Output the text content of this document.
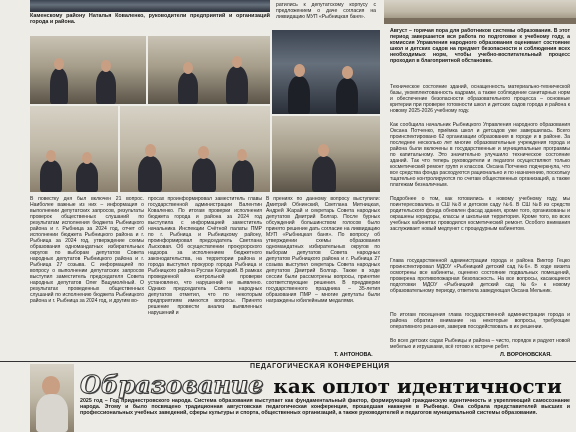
Каменскому району Наталья Коваленко, руководители предприятий и организаций города и района.
ратились к депутатскому корпусу с предложением о даче согласия на ликвидацию МУП «Рыбницкая баня».
Август – горячая пора для работников системы образования. В этот период завершается вся работа по подготовке к учебному году, а комиссия Управления народного образования оценивает состояние школ и детских садов на предмет безопасности и соблюдения всех необходимых норм, чтобы учебно-воспитательный процесс проходил в благоприятной обстановке.
Техническое состояние зданий, оснащенность материально-технической базы, укомплектованность кадрами, а также соблюдение санитарных норм и обеспечение безопасности образовательного процесса – основные критерии при проверке готовности школ и детских садов города и района к новому 2025-2026 учебному году.
Как сообщила начальник Рыбницкого Управления народного образования Оксана Потченко, приёмка школ и детсадов уже завершилась. Всего проинспектировано 62 организации образования в городе и в районе. За последнее несколько лет многие образовательные учреждения города и района были включены в государственные и муниципальные программы по капитальному. Это значительно улучшило техническое состояние зданий. Так что теперь руководители и педагоги осуществляют только косметический ремонт групп и классов. Оксана Потченко подчеркнула, что все средства фонда расходуются рационально и по назначению, поскольку тщательно контролируются по счетам общественных организаций, а также платежам безналичным.
Подробнее о том, как готовились к новому учебному году, мы поинтересовались в СШ №8 и детском саду №6. В СШ №8 из средств родительского фонда обновлен фасад здания, кроме того, организованы и окрашены коридоры, классы и школьная территория. Кроме того, во всех учебных кабинетах проводился косметический ремонт. Особого внимания заслуживает новый медпункт с процедурным кабинетом.
Глава государственной администрации города и района Виктор Гецко проинспектировал МДОУ «Рыбницкий детский сад №6». В ходе визита осмотрены все кабинеты, оценено состояние подвальных помещений, проверена противопожарная безопасность. На все вопросы, касающиеся подготовки МДОУ «Рыбницкий детский сад №6» к новому образовательному периоду, ответила заведующая Оксана Мельник.
По итогам посещения глава государственной администрации города и района обратил внимание на некоторые вопросы, требующие оперативного решения, заверив посодействовать в их решении.
Во всех детских садах Рыбницы и района – чисто, порядок и радуют новой мебелью и игрушками, всё готово к встрече ребят.
Л. ВОРОНОВСКАЯ.
В повестку дня был включен 21 вопрос. Наиболее важные из них – информация о выполнении депутатских запросов, результаты проверок общественных слушаний по результатам исполнения бюджета Рыбницкого района и г. Рыбница за 2024 год, отчет об исполнении бюджета Рыбницкого района и г. Рыбница за 2024 год, утверждение схемы образования одномандатных избирательных округов по выборам депутатов Совета народных депутатов Рыбницкого района и г. Рыбница 27 созыва. С информацией по вопросу о выполнении депутатских запросов выступил заместитель председателя Совета народных депутатов Олег Вацумолёный. О результатах проведенных общественных слушаний по исполнению бюджета Рыбницкого района и г. Рыбница за 2024 год, и другим во-
просах проинформировал заместитель главы государственной администрации Валентин Коваленко. По итогам проверки исполнения бюджета города и района за 2024 год выступила с информацией заместитель начальника Инспекции Счётной палаты ПМР по г. Рыбница и Рыбницкому району, проинформировал председатель Светлана Лысковая. Об осуществлении прокурорского надзора за исполнением бюджетного законодательства, на территории района и города выступил прокурор города Рыбница и Рыбницкого района Руслан Калуцкий. В рамках проведенной контрольной проверки установлено, что нарушений не выявлено. Однако председатель Совета народных депутатов отметил, что по некоторым предприятиям имеются вопросы. Принято решение провести анализ выявленных нарушений и
В прениях по данному вопросу выступили: Дмитрий Обнинский, Светлана Митницкая, Андрей Жарай и секретарь Совета народных депутатов Дмитрий Болгар. После бурных обсуждений большинством голосов было принято решение дать согласие на ликвидацию МУП «Рыбницкая баня». По вопросу об утверждении схемы образования одномандатных избирательных округов по выборам депутатов Совета народных депутатов Рыбницкого района и г. Рыбница 27 созыва выступил секретарь Совета народных депутатов Дмитрий Болгар. Также в ходе сессии были рассмотрены вопросы, принятие соответствующие решения. В преддверии государственного праздника – 35-летия образования ПМР – многие депутаты были награждены юбилейными медалями.
Т. АНТОНОВА.
ПЕДАГОГИЧЕСКАЯ КОНФЕРЕНЦИЯ
Образование как оплот идентичности
2025 год – Год приднестровского народа. Система образования выступает как фундаментальный фактор, формирующий гражданскую идентичность и укрепляющий самосознание народа. Этому и было посвящено традиционная августовская педагогическая конференция, прошедшая накануне в Рыбнице. Она собрала представителей высших и профессиональных учебных заведений, сферы культуры и спорта, общественных организаций, а также руководителей и педагогов муниципальной системы образования.
